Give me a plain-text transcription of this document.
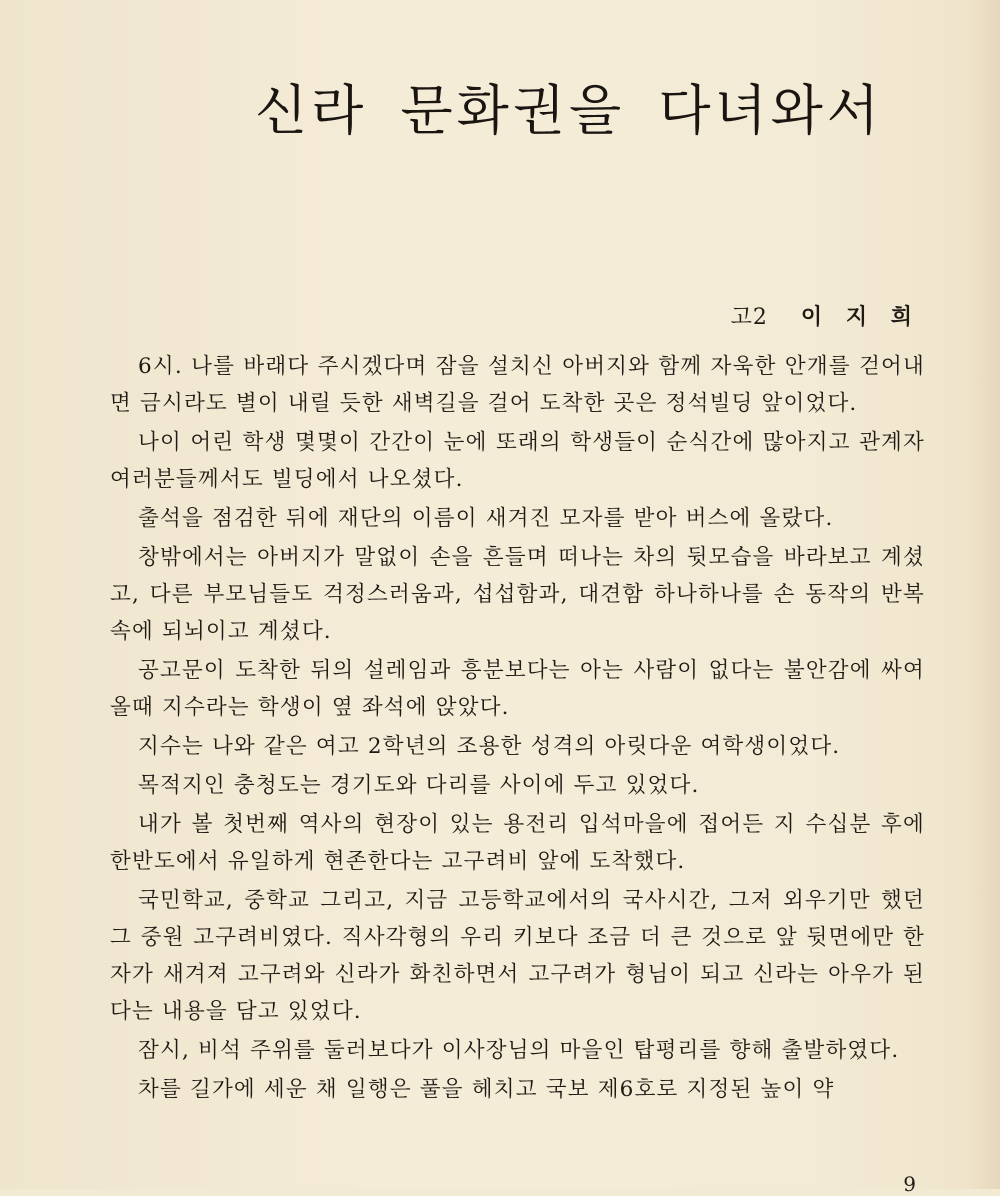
신라 문화권을 다녀와서
고2 이 지 희

6시. 나를 바래다 주시겠다며 잠을 설치신 아버지와 함께 자욱한 안개를 걷어내면 금시라도 별이 내릴 듯한 새벽길을 걸어 도착한 곳은 정석빌딩 앞이었다.

나이 어린 학생 몇몇이 간간이 눈에 또래의 학생들이 순식간에 많아지고 관계자 여러분들께서도 빌딩에서 나오셨다.

출석을 점검한 뒤에 재단의 이름이 새겨진 모자를 받아 버스에 올랐다.

창밖에서는 아버지가 말없이 손을 흔들며 떠나는 차의 뒷모습을 바라보고 계셨고, 다른 부모님들도 걱정스러움과, 섭섭함과, 대견함 하나하나를 손 동작의 반복 속에 되뇌이고 계셨다.

공고문이 도착한 뒤의 설레임과 흥분보다는 아는 사람이 없다는 불안감에 싸여 올때 지수라는 학생이 옆 좌석에 앉았다.

지수는 나와 같은 여고 2학년의 조용한 성격의 아릿다운 여학생이었다.

목적지인 충청도는 경기도와 다리를 사이에 두고 있었다.

내가 볼 첫번째 역사의 현장이 있는 용전리 입석마을에 접어든 지 수십분 후에 한반도에서 유일하게 현존한다는 고구려비 앞에 도착했다.

국민학교, 중학교 그리고, 지금 고등학교에서의 국사시간, 그저 외우기만 했던 그 중원 고구려비였다. 직사각형의 우리 키보다 조금 더 큰 것으로 앞 뒷면에만 한자가 새겨져 고구려와 신라가 화친하면서 고구려가 형님이 되고 신라는 아우가 된다는 내용을 담고 있었다.

잠시, 비석 주위를 둘러보다가 이사장님의 마을인 탑평리를 향해 출발하였다.

차를 길가에 세운 채 일행은 풀을 헤치고 국보 제6호로 지정된 높이 약

9
